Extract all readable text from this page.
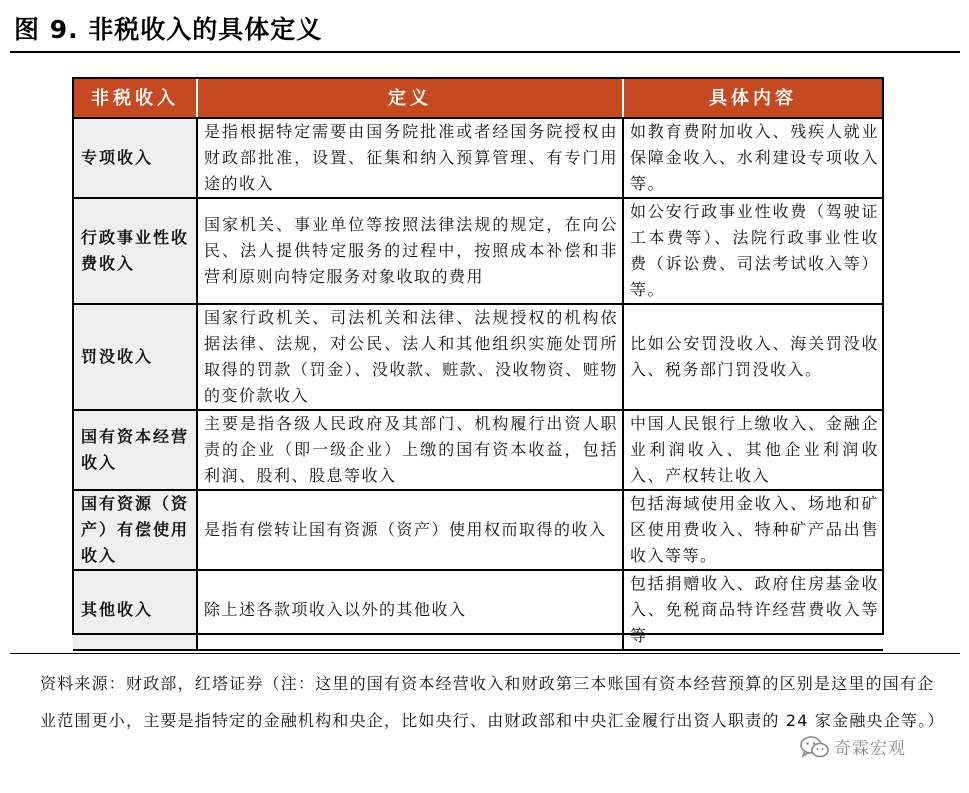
图 9. 非税收入的具体定义
非税收入	定义	具体内容
专项收入	是指根据特定需要由国务院批准或者经国务院授权由财政部批准，设置、征集和纳入预算管理、有专门用途的收入	如教育费附加收入、残疾人就业保障金收入、水利建设专项收入等。
行政事业性收费收入	国家机关、事业单位等按照法律法规的规定，在向公民、法人提供特定服务的过程中，按照成本补偿和非营利原则向特定服务对象收取的费用	如公安行政事业性收费（驾驶证工本费等）、法院行政事业性收费（诉讼费、司法考试收入等）等。
罚没收入	国家行政机关、司法机关和法律、法规授权的机构依据法律、法规，对公民、法人和其他组织实施处罚所取得的罚款（罚金）、没收款、赃款、没收物资、赃物的变价款收入	比如公安罚没收入、海关罚没收入、税务部门罚没收入。
国有资本经营收入	主要是指各级人民政府及其部门、机构履行出资人职责的企业（即一级企业）上缴的国有资本收益，包括利润、股利、股息等收入	中国人民银行上缴收入、金融企业利润收入、其他企业利润收入、产权转让收入
国有资源（资产）有偿使用收入	是指有偿转让国有资源（资产）使用权而取得的收入	包括海域使用金收入、场地和矿区使用费收入、特种矿产品出售收入等等。
其他收入	除上述各款项收入以外的其他收入	包括捐赠收入、政府住房基金收入、免税商品特许经营费收入等等
资料来源：财政部，红塔证券（注：这里的国有资本经营收入和财政第三本账国有资本经营预算的区别是这里的国有企业范围更小，主要是指特定的金融机构和央企，比如央行、由财政部和中央汇金履行出资人职责的 24 家金融央企等。）
奇霖宏观
